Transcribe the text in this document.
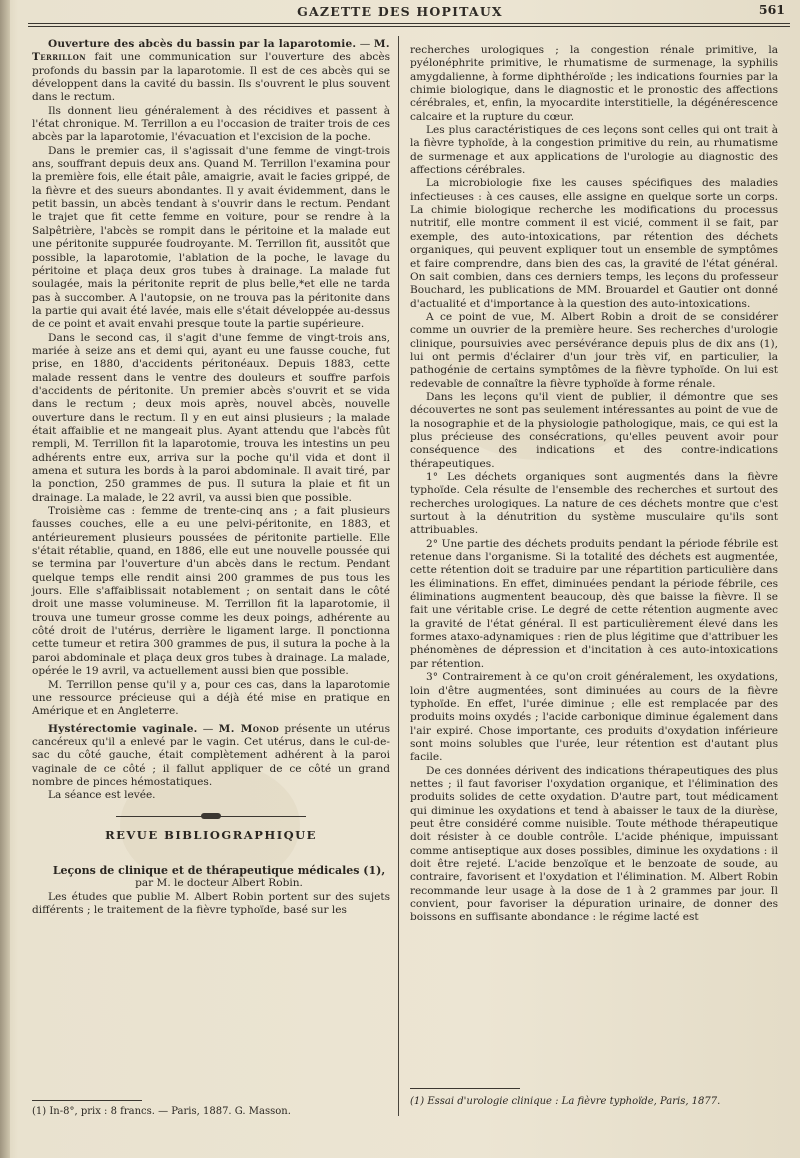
GAZETTE DES HOPITAUX	561

Ouverture des abcès du bassin par la laparotomie. — M. Terrillon fait une communication sur l'ouverture des abcès profonds du bassin par la laparotomie. Il est de ces abcès qui se développent dans la cavité du bassin. Ils s'ouvrent le plus souvent dans le rectum.

Ils donnent lieu généralement à des récidives et passent à l'état chronique. M. Terrillon a eu l'occasion de traiter trois de ces abcès par la laparotomie, l'évacuation et l'excision de la poche.

Dans le premier cas, il s'agissait d'une femme de vingt-trois ans, souffrant depuis deux ans. Quand M. Terrillon l'examina pour la première fois, elle était pâle, amaigrie, avait le facies grippé, de la fièvre et des sueurs abondantes. Il y avait évidemment, dans le petit bassin, un abcès tendant à s'ouvrir dans le rectum. Pendant le trajet que fit cette femme en voiture, pour se rendre à la Salpêtrière, l'abcès se rompit dans le péritoine et la malade eut une péritonite suppurée foudroyante. M. Terrillon fit, aussitôt que possible, la laparotomie, l'ablation de la poche, le lavage du péritoine et plaça deux gros tubes à drainage. La malade fut soulagée, mais la péritonite reprit de plus belle,*et elle ne tarda pas à succomber. A l'autopsie, on ne trouva pas la péritonite dans la partie qui avait été lavée, mais elle s'était développée au-dessus de ce point et avait envahi presque toute la partie supérieure.

Dans le second cas, il s'agit d'une femme de vingt-trois ans, mariée à seize ans et demi qui, ayant eu une fausse couche, fut prise, en 1880, d'accidents péritonéaux. Depuis 1883, cette malade ressent dans le ventre des douleurs et souffre parfois d'accidents de péritonite. Un premier abcès s'ouvrit et se vida dans le rectum ; deux mois après, nouvel abcès, nouvelle ouverture dans le rectum. Il y en eut ainsi plusieurs ; la malade était affaiblie et ne mangeait plus. Ayant attendu que l'abcès fût rempli, M. Terrillon fit la laparotomie, trouva les intestins un peu adhérents entre eux, arriva sur la poche qu'il vida et dont il amena et sutura les bords à la paroi abdominale. Il avait tiré, par la ponction, 250 grammes de pus. Il sutura la plaie et fit un drainage. La malade, le 22 avril, va aussi bien que possible.

Troisième cas : femme de trente-cinq ans ; a fait plusieurs fausses couches, elle a eu une pelvi-péritonite, en 1883, et antérieurement plusieurs poussées de péritonite partielle. Elle s'était rétablie, quand, en 1886, elle eut une nouvelle poussée qui se termina par l'ouverture d'un abcès dans le rectum. Pendant quelque temps elle rendit ainsi 200 grammes de pus tous les jours. Elle s'affaiblissait notablement ; on sentait dans le côté droit une masse volumineuse. M. Terrillon fit la laparotomie, il trouva une tumeur grosse comme les deux poings, adhérente au côté droit de l'utérus, derrière le ligament large. Il ponctionna cette tumeur et retira 300 grammes de pus, il sutura la poche à la paroi abdominale et plaça deux gros tubes à drainage. La malade, opérée le 19 avril, va actuellement aussi bien que possible.

M. Terrillon pense qu'il y a, pour ces cas, dans la laparotomie une ressource précieuse qui a déjà été mise en pratique en Amérique et en Angleterre.

Hystérectomie vaginale. — M. Monod présente un utérus cancéreux qu'il a enlevé par le vagin. Cet utérus, dans le cul-de-sac du côté gauche, était complètement adhérent à la paroi vaginale de ce côté ; il fallut appliquer de ce côté un grand nombre de pinces hémostatiques.

La séance est levée.

REVUE BIBLIOGRAPHIQUE

Leçons de clinique et de thérapeutique médicales (1),

par M. le docteur Albert Robin.

Les études que publie M. Albert Robin portent sur des sujets différents ; le traitement de la fièvre typhoïde, basé sur les

(1) In-8°, prix : 8 francs. — Paris, 1887. G. Masson.

recherches urologiques ; la congestion rénale primitive, la pyélonéphrite primitive, le rhumatisme de surmenage, la syphilis amygdalienne, à forme diphthéroïde ; les indications fournies par la chimie biologique, dans le diagnostic et le pronostic des affections cérébrales, et, enfin, la myocardite interstitielle, la dégénérescence calcaire et la rupture du cœur.

Les plus caractéristiques de ces leçons sont celles qui ont trait à la fièvre typhoïde, à la congestion primitive du rein, au rhumatisme de surmenage et aux applications de l'urologie au diagnostic des affections cérébrales.

La microbiologie fixe les causes spécifiques des maladies infectieuses : à ces causes, elle assigne en quelque sorte un corps. La chimie biologique recherche les modifications du processus nutritif, elle montre comment il est vicié, comment il se fait, par exemple, des auto-intoxications, par rétention des déchets organiques, qui peuvent expliquer tout un ensemble de symptômes et faire comprendre, dans bien des cas, la gravité de l'état général. On sait combien, dans ces derniers temps, les leçons du professeur Bouchard, les publications de MM. Brouardel et Gautier ont donné d'actualité et d'importance à la question des auto-intoxications.

A ce point de vue, M. Albert Robin a droit de se considérer comme un ouvrier de la première heure. Ses recherches d'urologie clinique, poursuivies avec persévérance depuis plus de dix ans (1), lui ont permis d'éclairer d'un jour très vif, en particulier, la pathogénie de certains symptômes de la fièvre typhoïde. On lui est redevable de connaître la fièvre typhoïde à forme rénale.

Dans les leçons qu'il vient de publier, il démontre que ses découvertes ne sont pas seulement intéressantes au point de vue de la nosographie et de la physiologie pathologique, mais, ce qui est la plus précieuse des consécrations, qu'elles peuvent avoir pour conséquence des indications et des contre-indications thérapeutiques.

1° Les déchets organiques sont augmentés dans la fièvre typhoïde. Cela résulte de l'ensemble des recherches et surtout des recherches urologiques. La nature de ces déchets montre que c'est surtout à la dénutrition du système musculaire qu'ils sont attribuables.

2° Une partie des déchets produits pendant la période fébrile est retenue dans l'organisme. Si la totalité des déchets est augmentée, cette rétention doit se traduire par une répartition particulière dans les éliminations. En effet, diminuées pendant la période fébrile, ces éliminations augmentent beaucoup, dès que baisse la fièvre. Il se fait une véritable crise. Le degré de cette rétention augmente avec la gravité de l'état général. Il est particulièrement élevé dans les formes ataxo-adynamiques : rien de plus légitime que d'attribuer les phénomènes de dépression et d'incitation à ces auto-intoxications par rétention.

3° Contrairement à ce qu'on croit généralement, les oxydations, loin d'être augmentées, sont diminuées au cours de la fièvre typhoïde. En effet, l'urée diminue ; elle est remplacée par des produits moins oxydés ; l'acide carbonique diminue également dans l'air expiré. Chose importante, ces produits d'oxydation inférieure sont moins solubles que l'urée, leur rétention est d'autant plus facile.

De ces données dérivent des indications thérapeutiques des plus nettes ; il faut favoriser l'oxydation organique, et l'élimination des produits solides de cette oxydation. D'autre part, tout médicament qui diminue les oxydations et tend à abaisser le taux de la diurèse, peut être considéré comme nuisible. Toute méthode thérapeutique doit résister à ce double contrôle. L'acide phénique, impuissant comme antiseptique aux doses possibles, diminue les oxydations : il doit être rejeté. L'acide benzoïque et le benzoate de soude, au contraire, favorisent et l'oxydation et l'élimination. M. Albert Robin recommande leur usage à la dose de 1 à 2 grammes par jour. Il convient, pour favoriser la dépuration urinaire, de donner des boissons en suffisante abondance : le régime lacté est

(1) Essai d'urologie clinique : La fièvre typhoïde, Paris, 1877.
